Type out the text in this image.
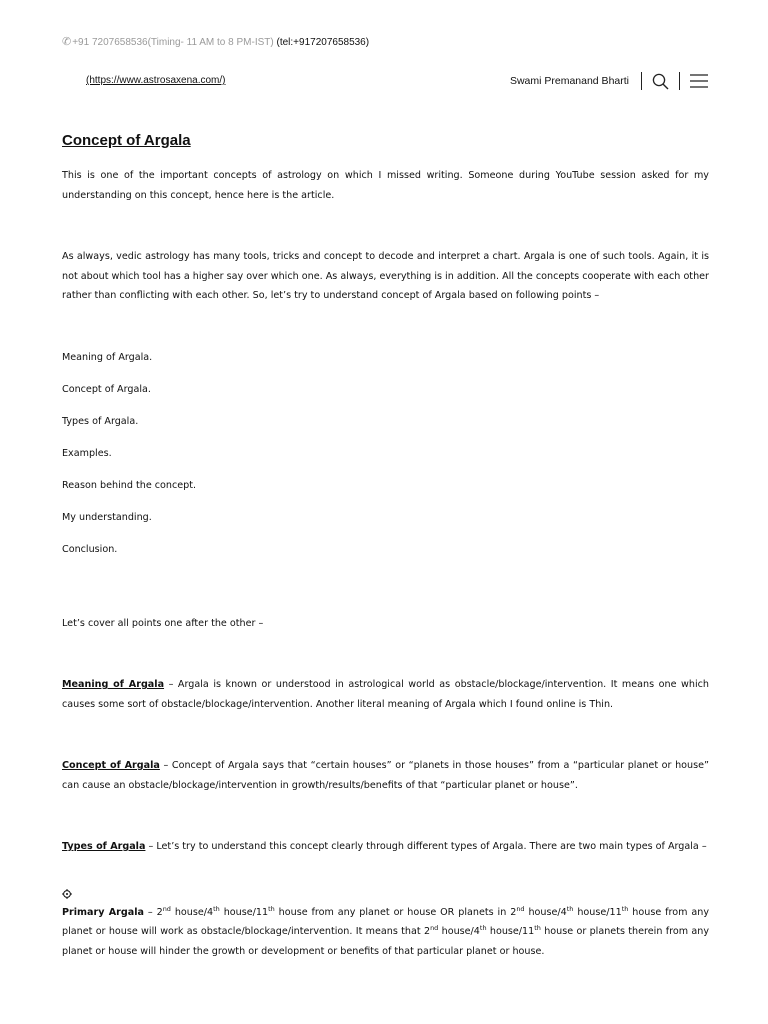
✆+91 7207658536(Timing- 11 AM to 8 PM-IST) (tel:+917207658536)
(https://www.astrosaxena.com/)	Swami Premanand Bharti
Concept of Argala

This is one of the important concepts of astrology on which I missed writing. Someone during YouTube session asked for my understanding on this concept, hence here is the article.

As always, vedic astrology has many tools, tricks and concept to decode and interpret a chart. Argala is one of such tools. Again, it is not about which tool has a higher say over which one. As always, everything is in addition. All the concepts cooperate with each other rather than conflicting with each other. So, let’s try to understand concept of Argala based on following points –

Meaning of Argala.

Concept of Argala.

Types of Argala.

Examples.

Reason behind the concept.

My understanding.

Conclusion.

Let’s cover all points one after the other –

Meaning of Argala – Argala is known or understood in astrological world as obstacle/blockage/intervention. It means one which causes some sort of obstacle/blockage/intervention. Another literal meaning of Argala which I found online is Thin.

Concept of Argala – Concept of Argala says that “certain houses” or “planets in those houses” from a “particular planet or house” can cause an obstacle/blockage/intervention in growth/results/benefits of that “particular planet or house”.

Types of Argala – Let’s try to understand this concept clearly through different types of Argala. There are two main types of Argala –

Primary Argala – 2nd house/4th house/11th house from any planet or house OR planets in 2nd house/4th house/11th house from any planet or house will work as obstacle/blockage/intervention. It means that 2nd house/4th house/11th house or planets therein from any planet or house will hinder the growth or development or benefits of that particular planet or house.
